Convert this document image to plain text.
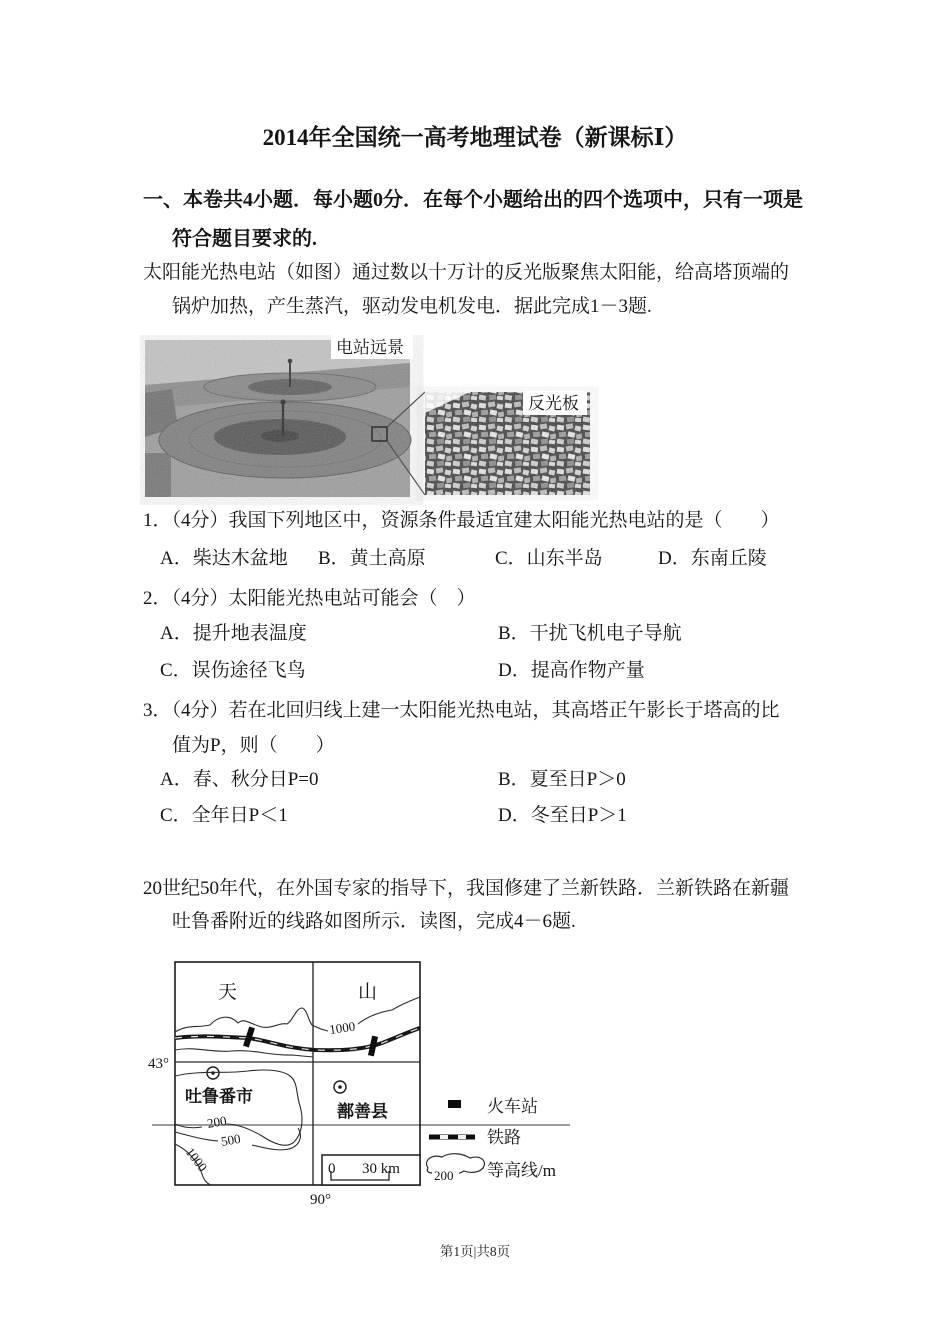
2014年全国统一高考地理试卷（新课标Ⅰ）
一、本卷共4小题．每小题0分．在每个小题给出的四个选项中，只有一项是
符合题目要求的.
太阳能光热电站（如图）通过数以十万计的反光版聚焦太阳能，给高塔顶端的
锅炉加热，产生蒸汽，驱动发电机发电．据此完成1－3题.
电站远景
反光板
1．（4分）我国下列地区中，资源条件最适宜建太阳能光热电站的是（　　）
A．柴达木盆地 B．黄土高原	C．山东半岛	D．东南丘陵
2．（4分）太阳能光热电站可能会（　）
A．提升地表温度	B．干扰飞机电子导航
C．误伤途径飞鸟	D．提高作物产量
3．（4分）若在北回归线上建一太阳能光热电站，其高塔正午影长于塔高的比
值为P，则（　　）
A．春、秋分日P=0	B．夏至日P＞0
C．全年日P＜1	D．冬至日P＞1
20世纪50年代，在外国专家的指导下，我国修建了兰新铁路．兰新铁路在新疆
吐鲁番附近的线路如图所示．读图，完成4－6题.
天	山
1000
43°
吐鲁番市
鄯善县
200
500
1000	0 30 km
90°
火车站
铁路
200 等高线/m
第1页|共8页
